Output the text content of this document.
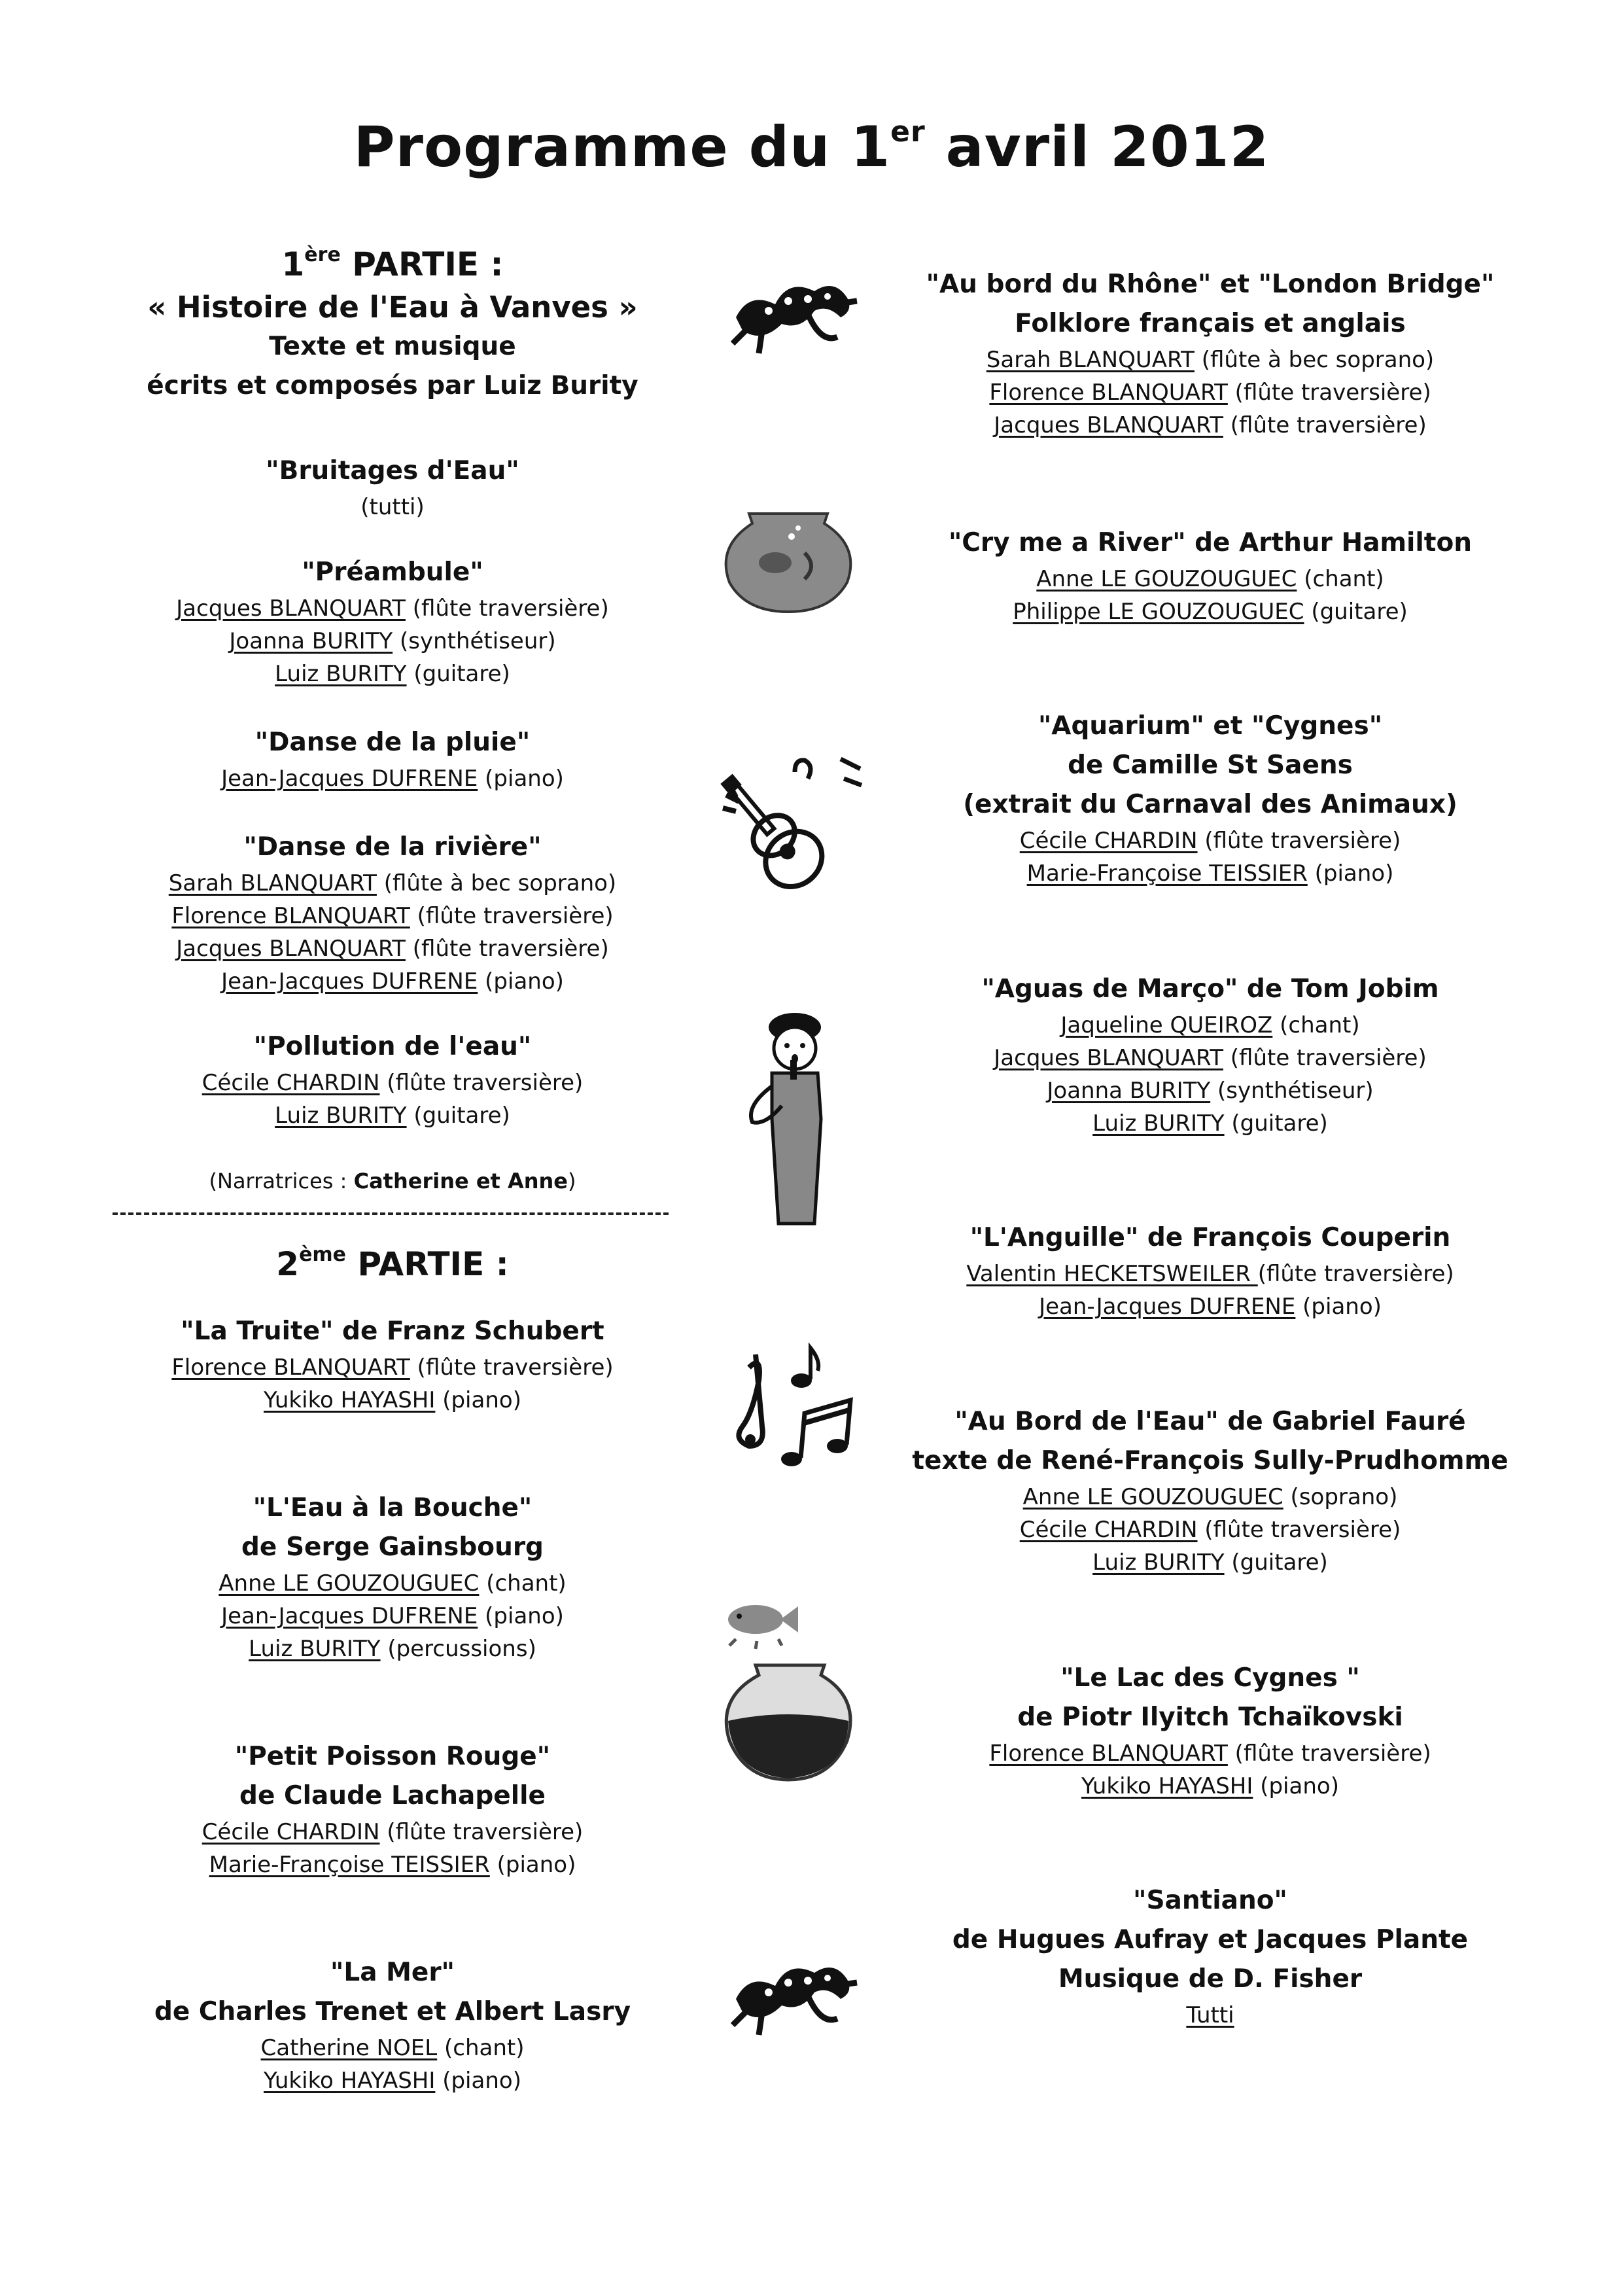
Programme du 1er avril 2012
1ère PARTIE :
« Histoire de l'Eau à Vanves »
Texte et musique
écrits et composés par Luiz Burity
"Bruitages d'Eau"
(tutti)
"Préambule"
Jacques BLANQUART (flûte traversière)
Joanna BURITY (synthétiseur)
Luiz BURITY (guitare)
"Danse de la pluie"
Jean-Jacques DUFRENE (piano)
"Danse de la rivière"
Sarah BLANQUART (flûte à bec soprano)
Florence BLANQUART (flûte traversière)
Jacques BLANQUART (flûte traversière)
Jean-Jacques DUFRENE (piano)
"Pollution de l'eau"
Cécile CHARDIN (flûte traversière)
Luiz BURITY (guitare)
(Narratrices : Catherine et Anne)
2ème PARTIE :
"La Truite" de Franz Schubert
Florence BLANQUART (flûte traversière)
Yukiko HAYASHI (piano)
"L'Eau à la Bouche"
de Serge Gainsbourg
Anne LE GOUZOUGUEC (chant)
Jean-Jacques DUFRENE (piano)
Luiz BURITY (percussions)
"Petit Poisson Rouge"
de Claude Lachapelle
Cécile CHARDIN (flûte traversière)
Marie-Françoise TEISSIER (piano)
"La Mer"
de Charles Trenet et Albert Lasry
Catherine NOEL (chant)
Yukiko HAYASHI (piano)
"Au bord du Rhône" et "London Bridge"
Folklore français et anglais
Sarah BLANQUART (flûte à bec soprano)
Florence BLANQUART (flûte traversière)
Jacques BLANQUART (flûte traversière)
"Cry me a River" de Arthur Hamilton
Anne LE GOUZOUGUEC (chant)
Philippe LE GOUZOUGUEC (guitare)
"Aquarium" et "Cygnes"
de Camille St Saens
(extrait du Carnaval des Animaux)
Cécile CHARDIN (flûte traversière)
Marie-Françoise TEISSIER (piano)
"Aguas de Março" de Tom Jobim
Jaqueline QUEIROZ (chant)
Jacques BLANQUART (flûte traversière)
Joanna BURITY (synthétiseur)
Luiz BURITY (guitare)
"L'Anguille" de François Couperin
Valentin HECKETSWEILER (flûte traversière)
Jean-Jacques DUFRENE (piano)
"Au Bord de l'Eau" de Gabriel Fauré
texte de René-François Sully-Prudhomme
Anne LE GOUZOUGUEC (soprano)
Cécile CHARDIN (flûte traversière)
Luiz BURITY (guitare)
"Le Lac des Cygnes "
de Piotr Ilyitch Tchaïkovski
Florence BLANQUART (flûte traversière)
Yukiko HAYASHI (piano)
"Santiano"
de Hugues Aufray et Jacques Plante
Musique de D. Fisher
Tutti
